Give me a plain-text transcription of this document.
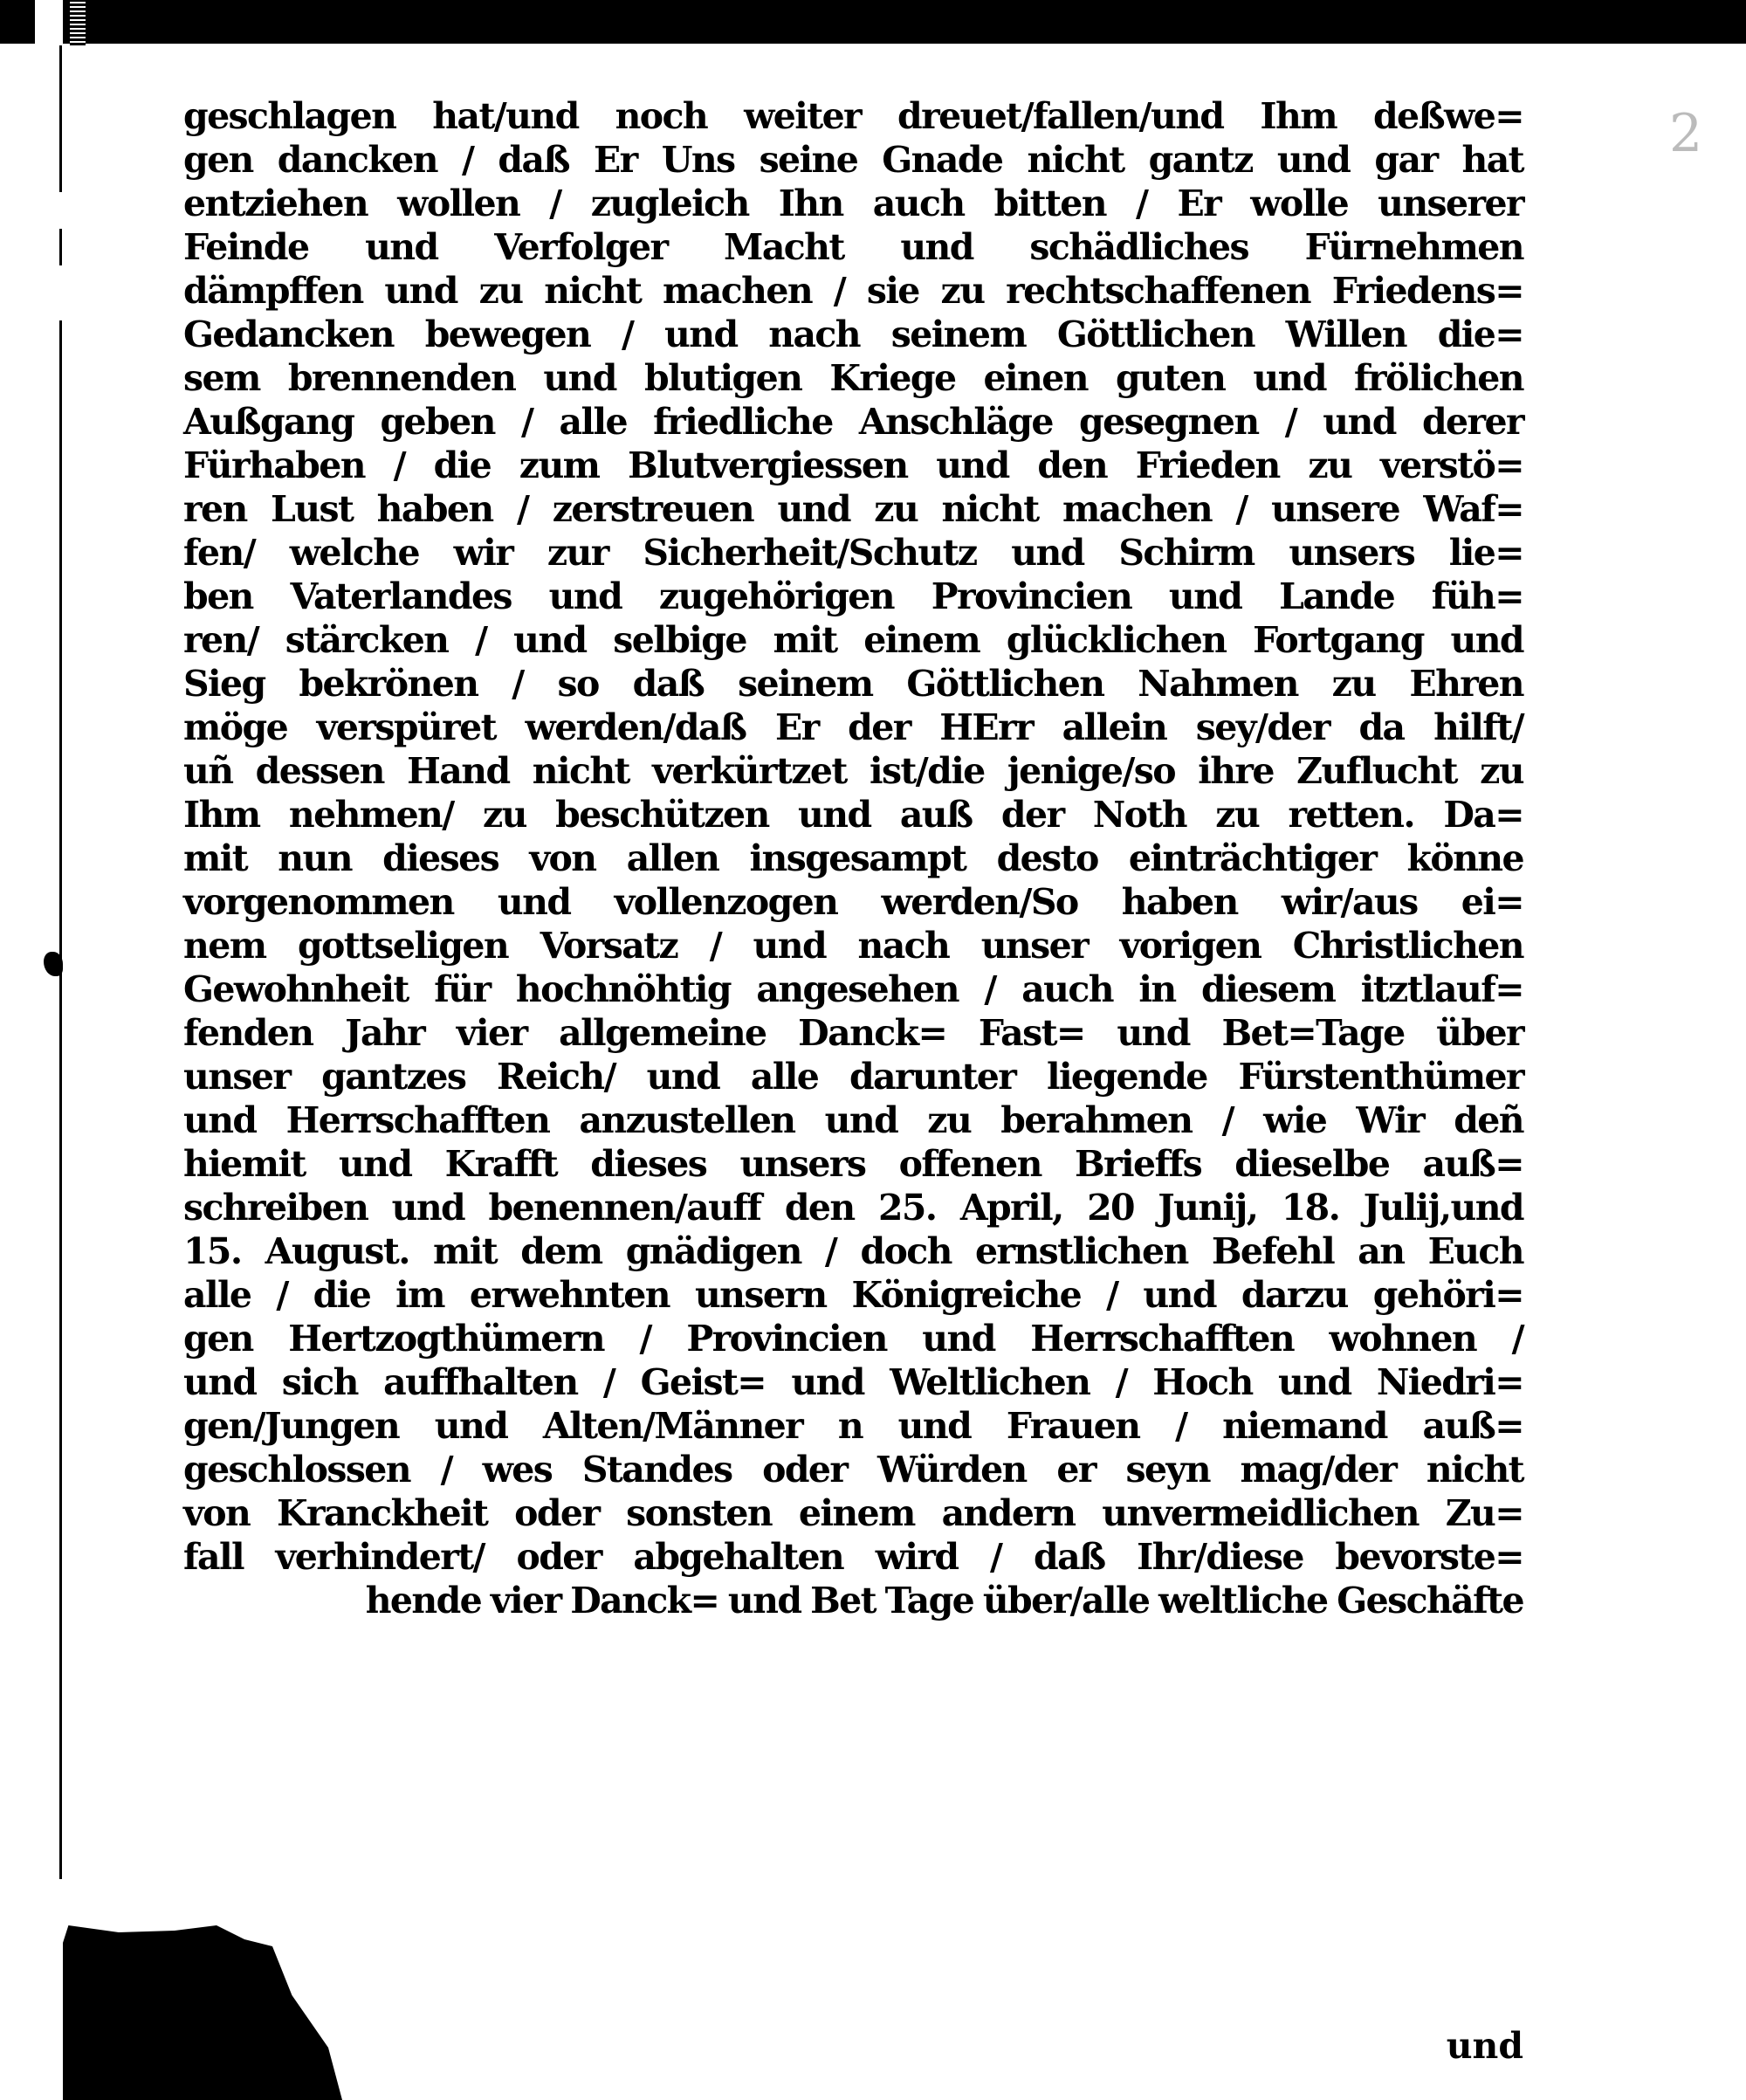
2
geschlagen hat/und noch weiter dreuet/fallen/und Ihm deßwe=
gen dancken / daß Er Uns seine Gnade nicht gantz und gar hat
entziehen wollen / zugleich Ihn auch bitten / Er wolle unserer
Feinde und Verfolger Macht und schädliches Fürnehmen
dämpffen und zu nicht machen / sie zu rechtschaffenen Friedens=
Gedancken bewegen / und nach seinem Göttlichen Willen die=
sem brennenden und blutigen Kriege einen guten und frölichen
Außgang geben / alle friedliche Anschläge gesegnen / und derer
Fürhaben / die zum Blutvergiessen und den Frieden zu verstö=
ren Lust haben / zerstreuen und zu nicht machen / unsere Waf=
fen/ welche wir zur Sicherheit/Schutz und Schirm unsers lie=
ben Vaterlandes und zugehörigen Provincien und Lande füh=
ren/ stärcken / und selbige mit einem glücklichen Fortgang und
Sieg bekrönen / so daß seinem Göttlichen Nahmen zu Ehren
möge verspüret werden/daß Er der HErr allein sey/der da hilft/
uñ dessen Hand nicht verkürtzet ist/die jenige/so ihre Zuflucht zu
Ihm nehmen/ zu beschützen und auß der Noth zu retten. Da=
mit nun dieses von allen insgesampt desto einträchtiger könne
vorgenommen und vollenzogen werden/So haben wir/aus ei=
nem gottseligen Vorsatz / und nach unser vorigen Christlichen
Gewohnheit für hochnöhtig angesehen / auch in diesem itztlauf=
fenden Jahr vier allgemeine Danck= Fast= und Bet=Tage über
unser gantzes Reich/ und alle darunter liegende Fürstenthümer
und Herrschafften anzustellen und zu berahmen / wie Wir deñ
hiemit und Krafft dieses unsers offenen Brieffs dieselbe auß=
schreiben und benennen/auff den 25. April, 20 Junij, 18. Julij,und
15. August. mit dem gnädigen / doch ernstlichen Befehl an Euch
alle / die im erwehnten unsern Königreiche / und darzu gehöri=
gen Hertzogthümern / Provincien und Herrschafften wohnen /
und sich auffhalten / Geist= und Weltlichen / Hoch und Niedri=
gen/Jungen und Alten/Männer n und Frauen / niemand auß=
geschlossen / wes Standes oder Würden er seyn mag/der nicht
von Kranckheit oder sonsten einem andern unvermeidlichen Zu=
fall verhindert/ oder abgehalten wird / daß Ihr/diese bevorste=
hende vier Danck= und Bet Tage über/alle weltliche Geschäfte
und
